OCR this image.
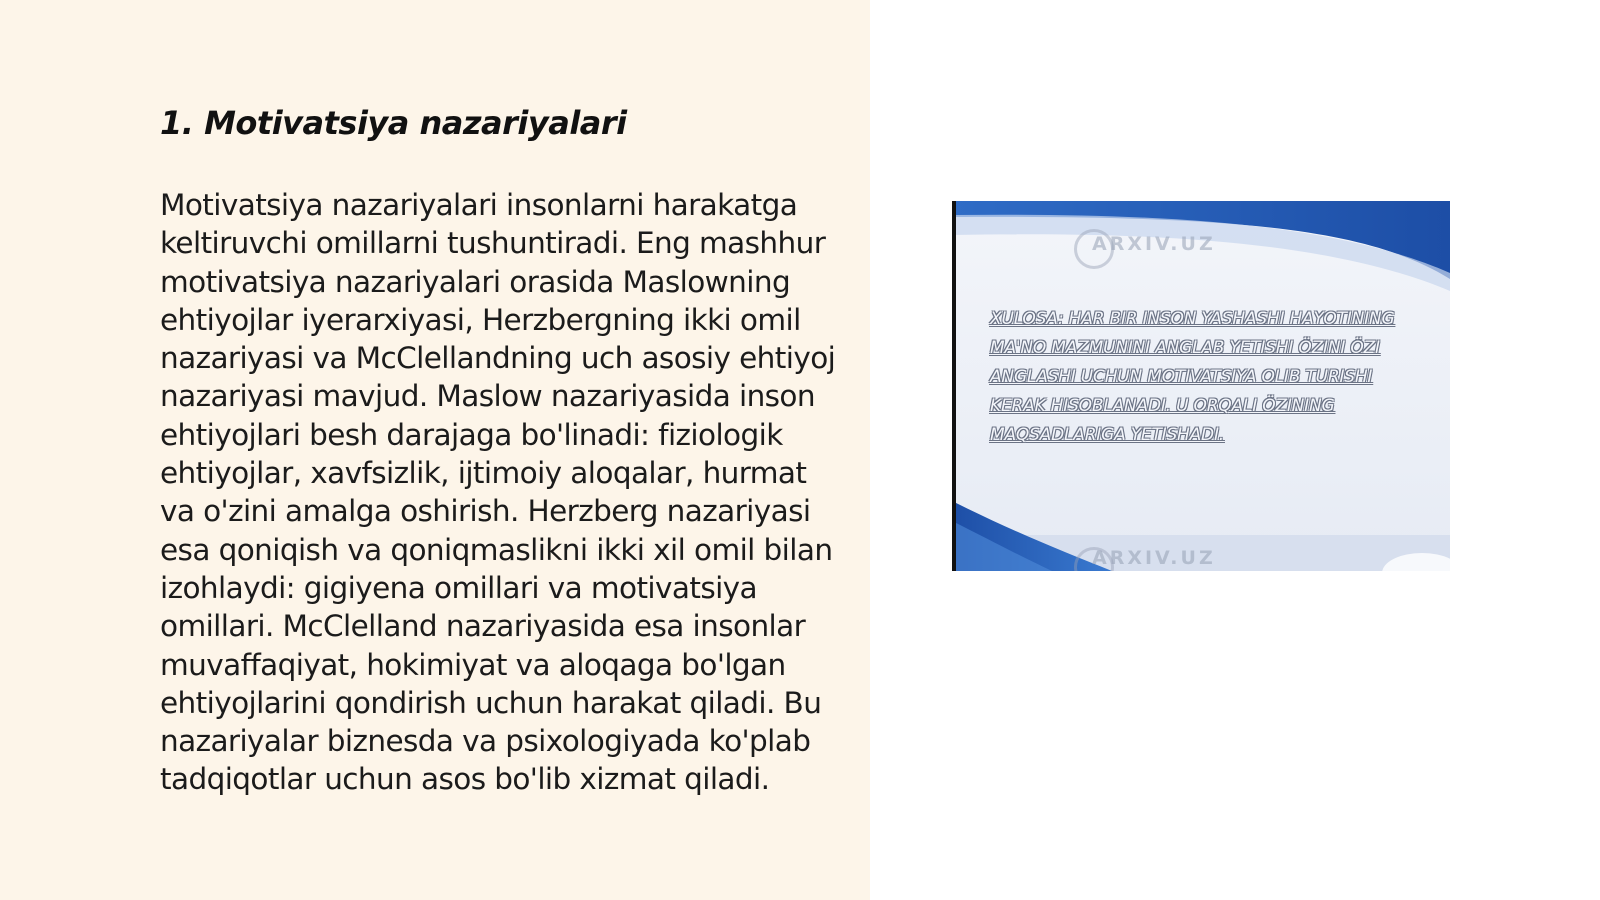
1. Motivatsiya nazariyalari

Motivatsiya nazariyalari insonlarni harakatga keltiruvchi omillarni tushuntiradi. Eng mashhur motivatsiya nazariyalari orasida Maslowning ehtiyojlar iyerarxiyasi, Herzbergning ikki omil nazariyasi va McClellandning uch asosiy ehtiyoj nazariyasi mavjud. Maslow nazariyasida inson ehtiyojlari besh darajaga bo'linadi: fiziologik ehtiyojlar, xavfsizlik, ijtimoiy aloqalar, hurmat va o'zini amalga oshirish. Herzberg nazariyasi esa qoniqish va qoniqmaslikni ikki xil omil bilan izohlaydi: gigiyena omillari va motivatsiya omillari. McClelland nazariyasida esa insonlar muvaffaqiyat, hokimiyat va aloqaga bo'lgan ehtiyojlarini qondirish uchun harakat qiladi. Bu nazariyalar biznesda va psixologiyada ko'plab tadqiqotlar uchun asos bo'lib xizmat qiladi.

ARXIV.UZ

XULOSA: HAR BIR INSON YASHASHI HAYOTINING MA'NO MAZMUNINI ANGLAB YETISHI ÖZINI ÖZI ANGLASHI UCHUN MOTIVATSIYA OLIB TURISHI KERAK HISOBLANADI. U ORQALI ÖZINING MAQSADLARIGA YETISHADI.

ARXIV.UZ
